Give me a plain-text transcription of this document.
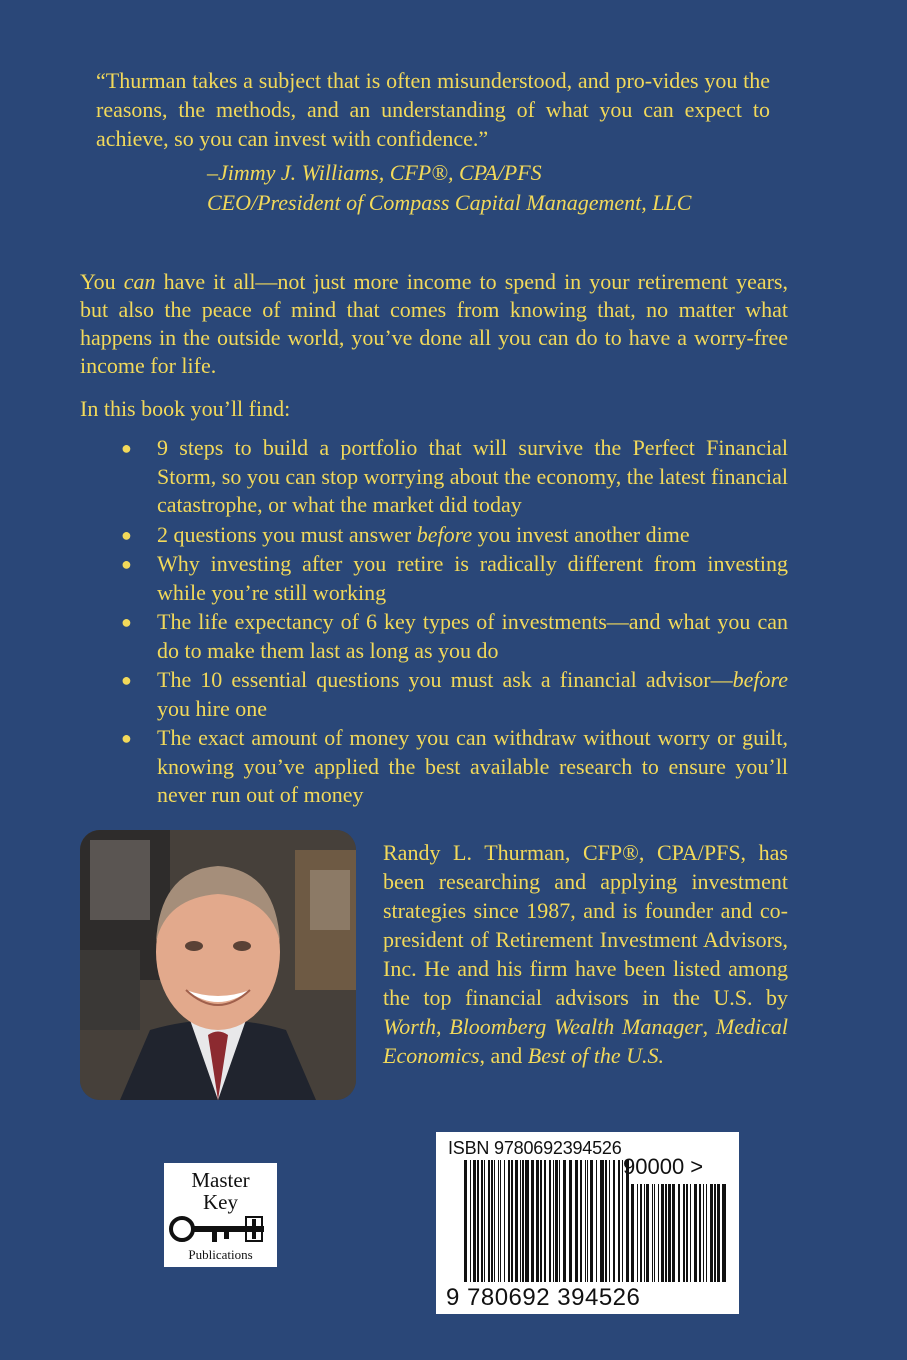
“Thurman takes a subject that is often misunderstood, and pro-vides you the reasons, the methods, and an understanding of what you can expect to achieve, so you can invest with confidence.”

–Jimmy J. Williams, CFP®, CPA/PFS
CEO/President of Compass Capital Management, LLC

You can have it all—not just more income to spend in your retirement years, but also the peace of mind that comes from knowing that, no matter what happens in the outside world, you’ve done all you can do to have a worry-free income for life.

In this book you’ll find:

● 9 steps to build a portfolio that will survive the Perfect Financial Storm, so you can stop worrying about the economy, the latest financial catastrophe, or what the market did today
● 2 questions you must answer before you invest another dime
● Why investing after you retire is radically different from investing while you’re still working
● The life expectancy of 6 key types of investments—and what you can do to make them last as long as you do
● The 10 essential questions you must ask a financial advisor—before you hire one
● The exact amount of money you can withdraw without worry or guilt, knowing you’ve applied the best available research to ensure you’ll never run out of money

Randy L. Thurman, CFP®, CPA/PFS, has been researching and applying investment strategies since 1987, and is founder and co-president of Retirement Investment Advisors, Inc. He and his firm have been listed among the top financial advisors in the U.S. by Worth, Bloomberg Wealth Manager, Medical Economics, and Best of the U.S.

Master
Key
Publications
ISBN 9780692394526
90000 >
9 780692 394526
